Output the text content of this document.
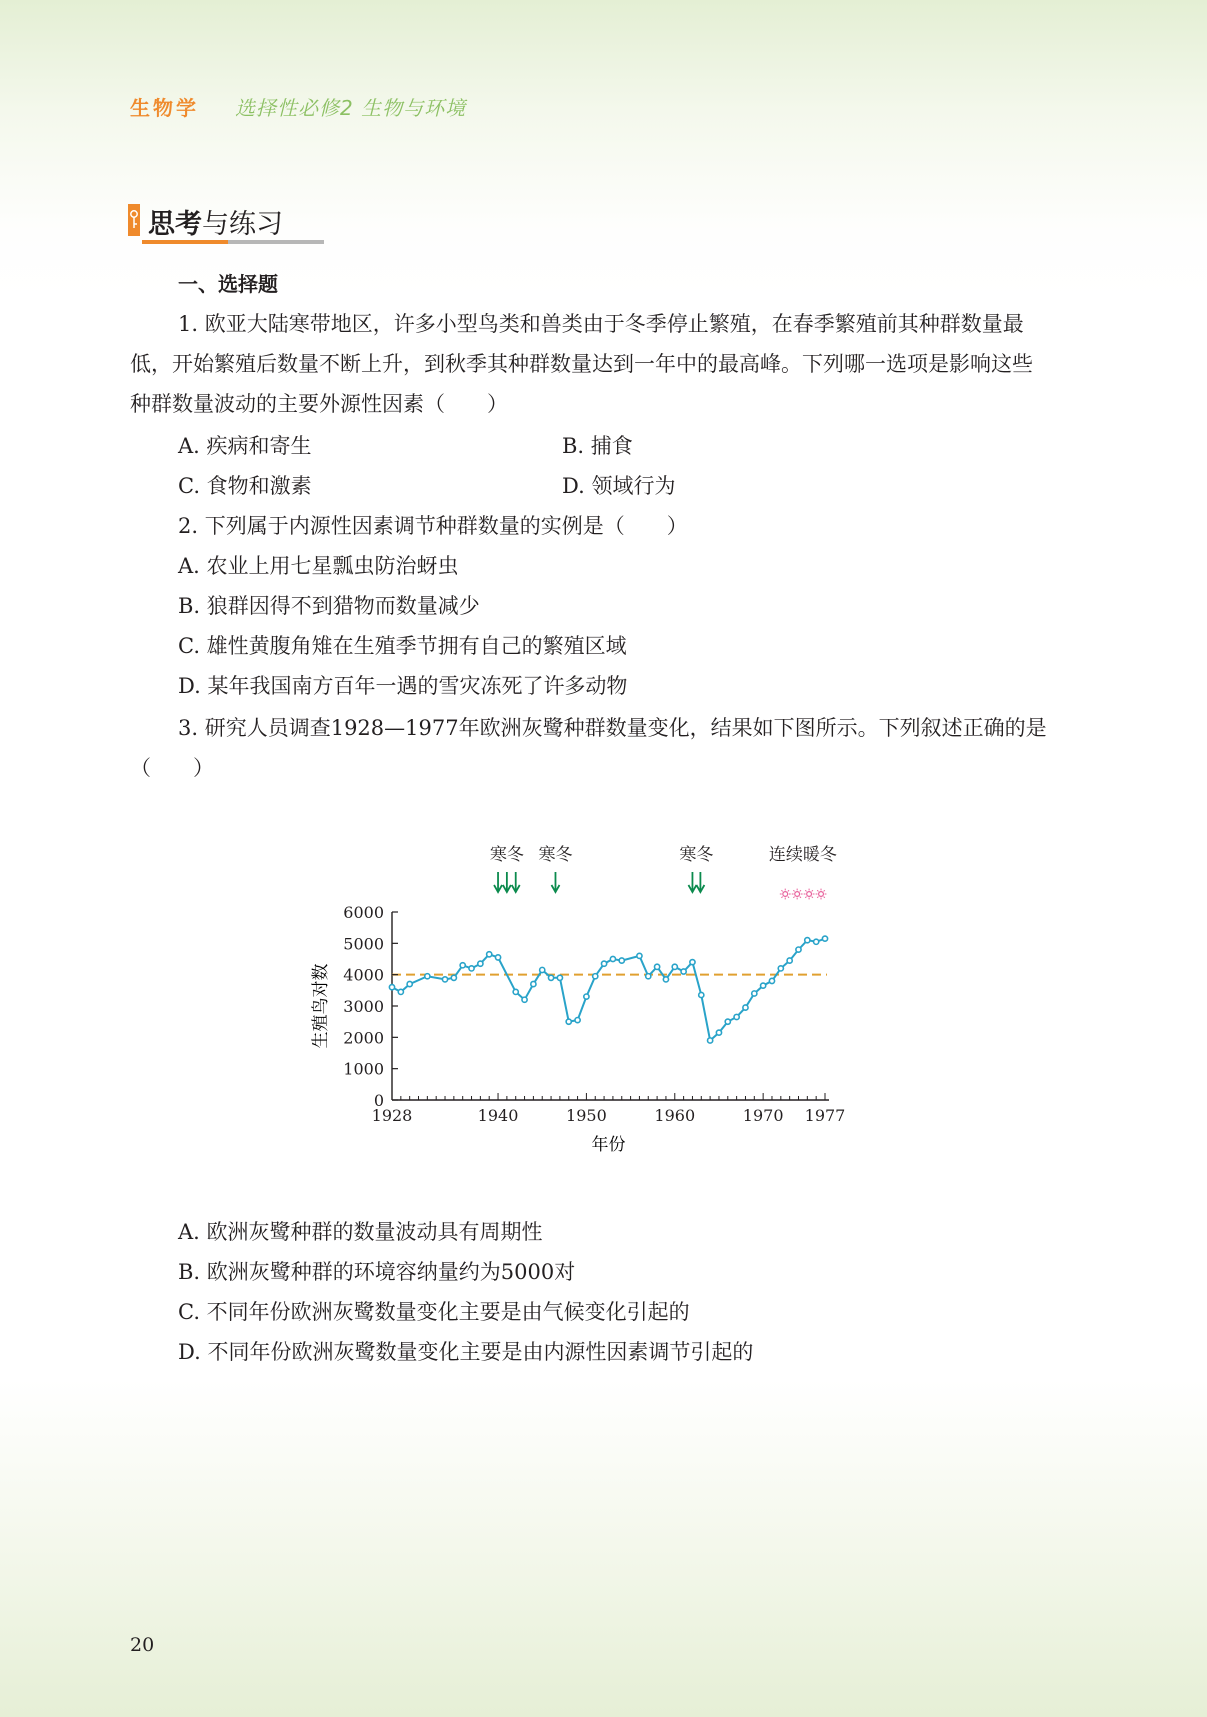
生物学 选择性必修2 生物与环境
思考与练习
一、选择题
1. 欧亚大陆寒带地区，许多小型鸟类和兽类由于冬季停止繁殖，在春季繁殖前其种群数量最低，开始繁殖后数量不断上升，到秋季其种群数量达到一年中的最高峰。下列哪一选项是影响这些种群数量波动的主要外源性因素（　　）
A. 疾病和寄生	B. 捕食
C. 食物和激素	D. 领域行为
2. 下列属于内源性因素调节种群数量的实例是（　　）
A. 农业上用七星瓢虫防治蚜虫
B. 狼群因得不到猎物而数量减少
C. 雄性黄腹角雉在生殖季节拥有自己的繁殖区域
D. 某年我国南方百年一遇的雪灾冻死了许多动物
3. 研究人员调查1928—1977年欧洲灰鹭种群数量变化，结果如下图所示。下列叙述正确的是（　　）
0
1000
2000
3000
4000
5000
6000
1928	1940	1950	1960	1970 1977
寒冬 寒冬	寒冬	连续暖冬
年份
生殖鸟对数
A. 欧洲灰鹭种群的数量波动具有周期性
B. 欧洲灰鹭种群的环境容纳量约为5000对
C. 不同年份欧洲灰鹭数量变化主要是由气候变化引起的
D. 不同年份欧洲灰鹭数量变化主要是由内源性因素调节引起的
20
